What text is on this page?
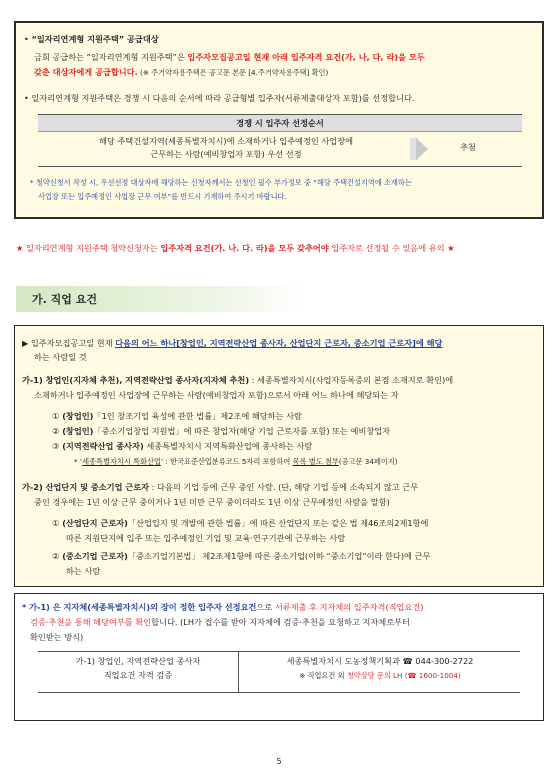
• “일자리연계형 지원주택” 공급대상
금회 공급하는 “일자리연계형 지원주택”은 입주자모집공고일 현재 아래 입주자격 요건(가, 나, 다, 라)을 모두
갖춘 대상자에게 공급합니다. (※ 주거약자용주택은 공고문 본문 [4.주거약자용주택] 확인)
• 일자리연계형 지원주택은 경쟁 시 다음의 순서에 따라 공급형별 입주자(서류제출대상자 포함)를 선정합니다.
경쟁 시 입주자 선정순서
해당 주택건설지역(세종특별자치시)에 소재하거나 입주예정인 사업장에
근무하는 사람(예비창업자 포함) 우선 선정
추첨
* 청약신청서 작성 시, 우선선정 대상자에 해당하는 신청자께서는 신청인 필수 부가정보 중 “해당 주택건설지역에 소재하는
사업장 또는 입주예정인 사업장 근무 여부”를 반드시 기재하여 주시기 바랍니다.
★ 일자리연계형 지원주택 청약신청자는 입주자격 요건(가. 나. 다. 라)을 모두 갖추어야 입주자로 선정될 수 있음에 유의 ★
가. 직업 요건
▶ 입주자모집공고일 현재 다음의 어느 하나[창업인, 지역전략산업 종사자, 산업단지 근로자, 중소기업 근로자]에 해당
하는 사람일 것
가-1) 창업인(지자체 추천), 지역전략산업 종사자(지자체 추천) : 세종특별자치시(사업자등록증의 본점 소재지로 확인)에
소재하거나 입주예정인 사업장에 근무하는 사람(예비창업자 포함)으로서 아래 어느 하나에 해당되는 자
① (창업인)「1인 창조기업 육성에 관한 법률」제2조에 해당하는 사람
② (창업인)「중소기업창업 지원법」에 따른 창업자(해당 기업 근로자를 포함) 또는 예비창업자
③ (지역전략산업 종사자) 세종특별자치시 지역특화산업에 종사하는 사람
* ‘세종특별자치시 특화산업’ : 한국표준산업분류코드 5자리 포함하여 목록 별도 첨부(공고문 34페이지)
가-2) 산업단지 및 중소기업 근로자 : 다음의 기업 등에 근무 중인 사람. (단, 해당 기업 등에 소속되지 않고 근무
중인 경우에는 1년 이상 근무 중이거나 1년 미만 근무 중이더라도 1년 이상 근무예정인 사람을 말함)
① (산업단지 근로자)「산업입지 및 개발에 관한 법률」에 따른 산업단지 또는 같은 법 제46조의2제1항에
따른 지원단지에 입주 또는 입주예정인 기업 및 교육·연구기관에 근무하는 사람
② (중소기업 근로자)「중소기업기본법」 제2조제1항에 따른 중소기업(이하 “중소기업”이라 한다)에 근무
하는 사람
* 가-1) 은 지자체(세종특별자치시)의 장이 정한 입주자 선정요건으로 서류제출 후 지자체의 입주자격(직업요건)
검증·추천을 통해 해당여부를 확인합니다. (LH가 접수를 받아 지자체에 검증·추천을 요청하고 지자체로부터
확인받는 방식)
가-1) 창업인, 지역전략산업 종사자
직업요건 자격 검증
세종특별자치시 도농정책기획과 ☎ 044-300-2722
※ 직업요건 외 청약상담 문의 LH (☎ 1600-1004)
5
